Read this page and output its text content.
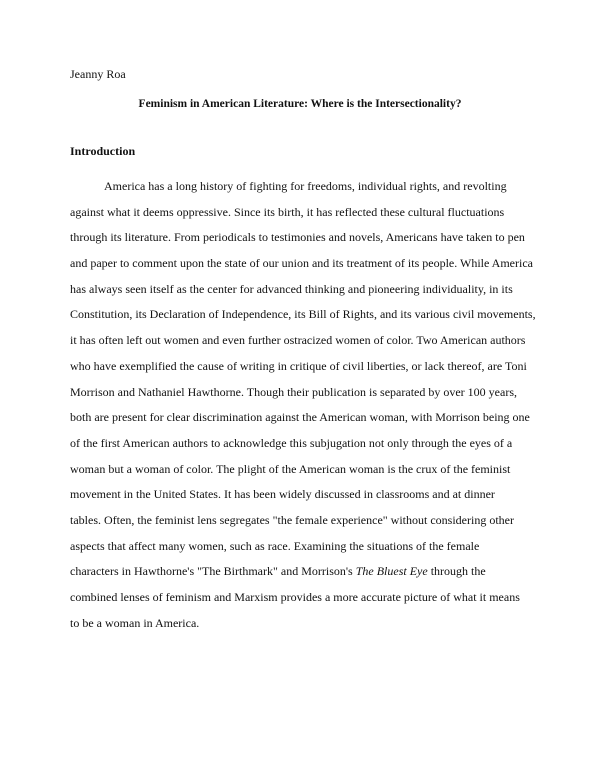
Jeanny Roa
Feminism in American Literature: Where is the Intersectionality?
Introduction
America has a long history of fighting for freedoms, individual rights, and revolting
against what it deems oppressive. Since its birth, it has reflected these cultural fluctuations
through its literature. From periodicals to testimonies and novels, Americans have taken to pen
and paper to comment upon the state of our union and its treatment of its people. While America
has always seen itself as the center for advanced thinking and pioneering individuality, in its
Constitution, its Declaration of Independence, its Bill of Rights, and its various civil movements,
it has often left out women and even further ostracized women of color. Two American authors
who have exemplified the cause of writing in critique of civil liberties, or lack thereof, are Toni
Morrison and Nathaniel Hawthorne. Though their publication is separated by over 100 years,
both are present for clear discrimination against the American woman, with Morrison being one
of the first American authors to acknowledge this subjugation not only through the eyes of a
woman but a woman of color. The plight of the American woman is the crux of the feminist
movement in the United States. It has been widely discussed in classrooms and at dinner
tables. Often, the feminist lens segregates "the female experience" without considering other
aspects that affect many women, such as race. Examining the situations of the female
characters in Hawthorne's "The Birthmark" and Morrison's The Bluest Eye through the
combined lenses of feminism and Marxism provides a more accurate picture of what it means
to be a woman in America.
